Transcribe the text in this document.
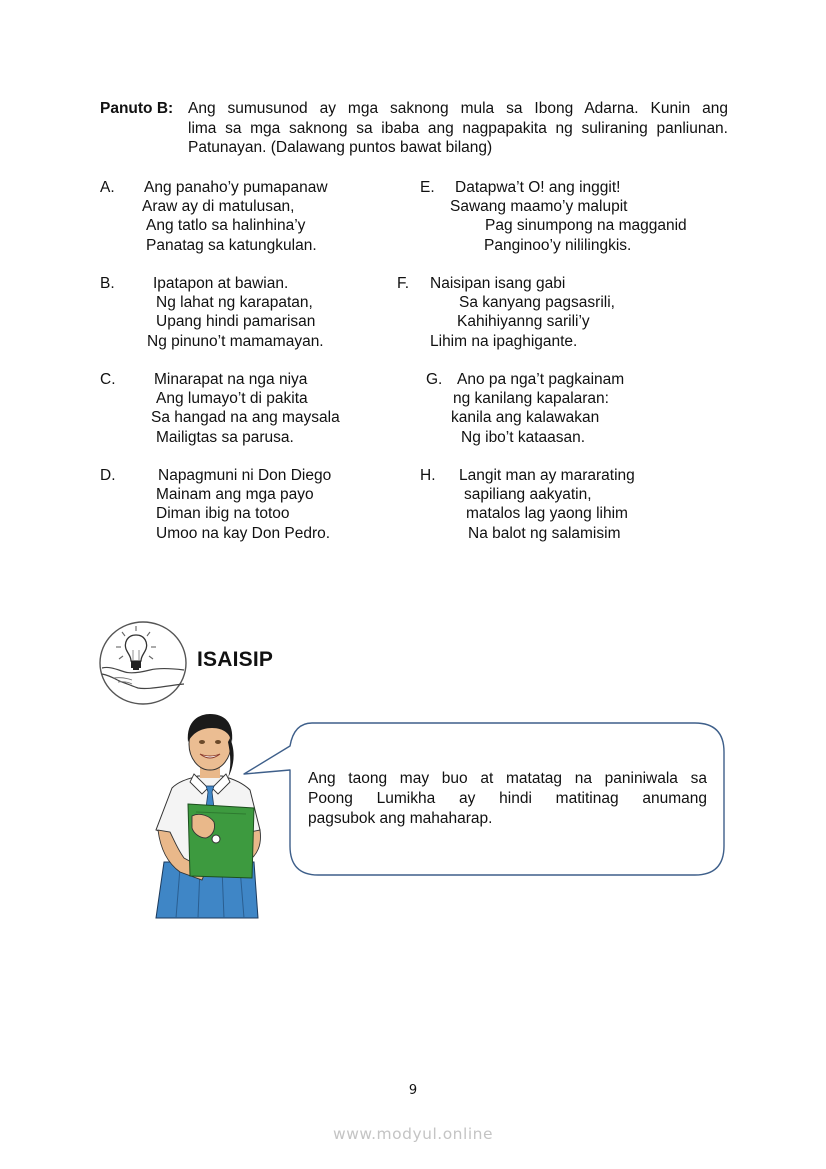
Panuto B: Ang sumusunod ay mga saknong mula sa Ibong Adarna. Kunin ang
lima sa mga saknong sa ibaba ang nagpapakita ng suliraning panliunan.
Patunayan. (Dalawang puntos bawat bilang)
A. Ang panaho’y pumapanaw
Araw ay di matulusan,
Ang tatlo sa halinhina’y
Panatag sa katungkulan.
B. Ipatapon at bawian.
Ng lahat ng karapatan,
Upang hindi pamarisan
Ng pinuno’t mamamayan.
C. Minarapat na nga niya
Ang lumayo’t di pakita
Sa hangad na ang maysala
Mailigtas sa parusa.
D.	Napagmuni ni Don Diego
Mainam ang mga payo
Diman ibig na totoo
Umoo na kay Don Pedro.
E. Datapwa’t O! ang inggit!
Sawang maamo’y malupit
Pag sinumpong na magganid
Panginoo’y nililingkis.
F. Naisipan isang gabi
Sa kanyang pagsasrili,
Kahihiyanng sarili’y
Lihim na ipaghigante.
G. Ano pa nga’t pagkainam
ng kanilang kapalaran:
kanila ang kalawakan
Ng ibo’t kataasan.
H. Langit man ay mararating
sapiliang aakyatin,
matalos lag yaong lihim
Na balot ng salamisim
ISAISIP
Ang taong may buo at matatag na paniniwala sa
Poong Lumikha ay hindi matitinag anumang
pagsubok ang mahaharap.
9
www.modyul.online
